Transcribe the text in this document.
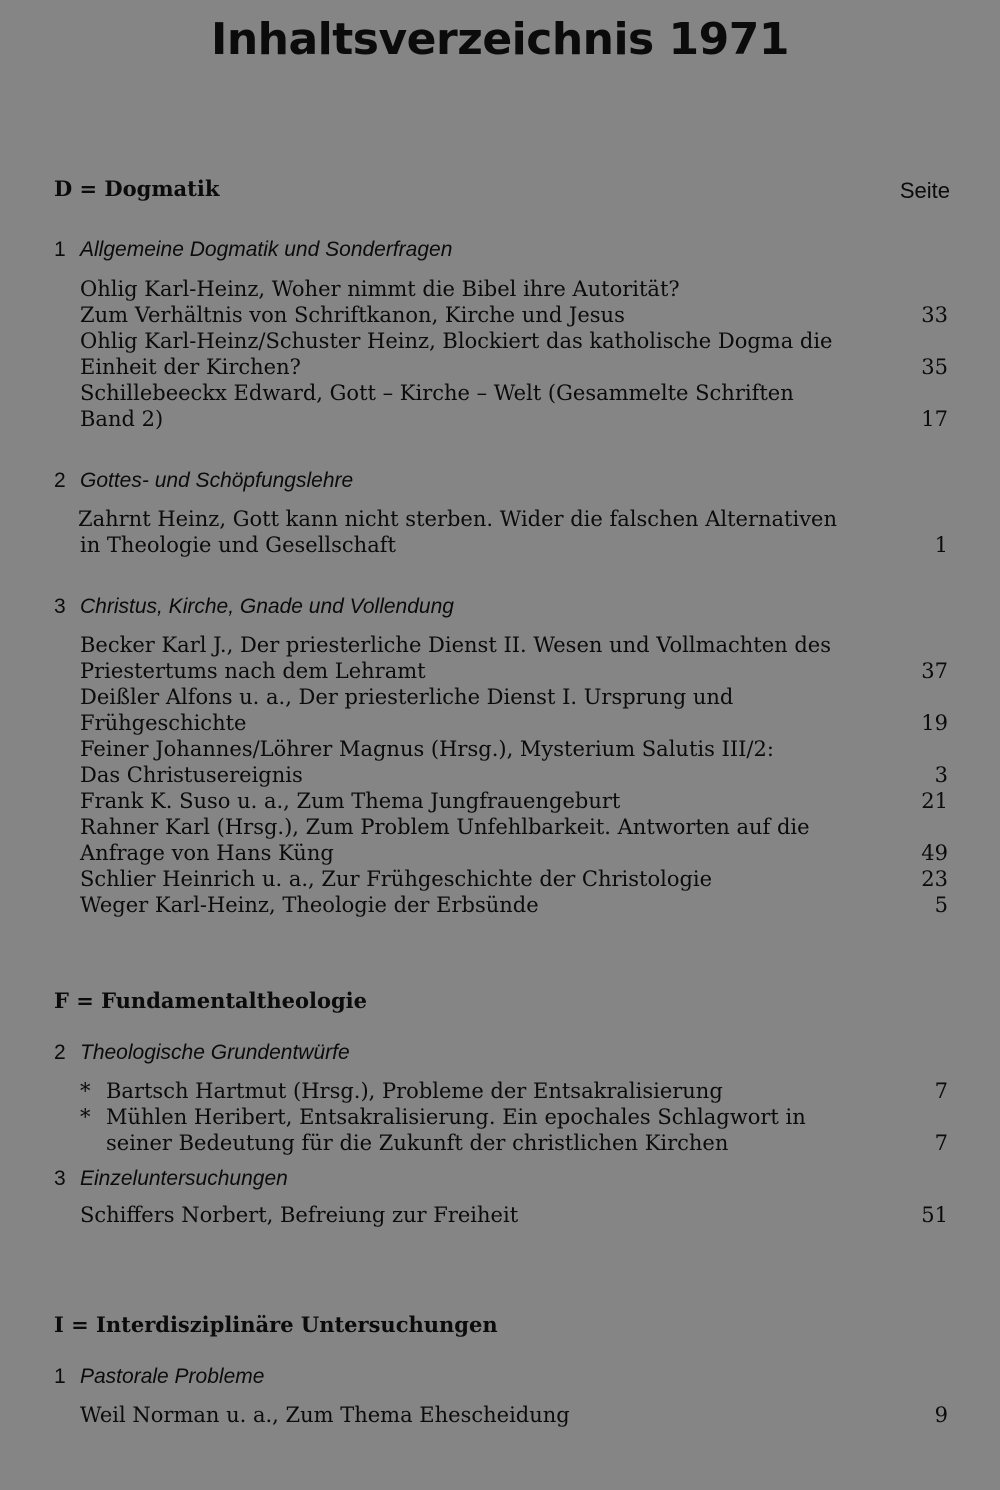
Inhaltsverzeichnis 1971
D = Dogmatik	Seite
1 Allgemeine Dogmatik und Sonderfragen
Ohlig Karl-Heinz, Woher nimmt die Bibel ihre Autorität?
Zum Verhältnis von Schriftkanon, Kirche und Jesus	33
Ohlig Karl-Heinz/Schuster Heinz, Blockiert das katholische Dogma die
Einheit der Kirchen?	35
Schillebeeckx Edward, Gott – Kirche – Welt (Gesammelte Schriften
Band 2)	17
2 Gottes- und Schöpfungslehre
Zahrnt Heinz, Gott kann nicht sterben. Wider die falschen Alternativen
in Theologie und Gesellschaft	1
3 Christus, Kirche, Gnade und Vollendung
Becker Karl J., Der priesterliche Dienst II. Wesen und Vollmachten des
Priestertums nach dem Lehramt	37
Deißler Alfons u. a., Der priesterliche Dienst I. Ursprung und
Frühgeschichte	19
Feiner Johannes/Löhrer Magnus (Hrsg.), Mysterium Salutis III/2:
Das Christusereignis	3
Frank K. Suso u. a., Zum Thema Jungfrauengeburt	21
Rahner Karl (Hrsg.), Zum Problem Unfehlbarkeit. Antworten auf die
Anfrage von Hans Küng	49
Schlier Heinrich u. a., Zur Frühgeschichte der Christologie	23
Weger Karl-Heinz, Theologie der Erbsünde	5
F = Fundamentaltheologie
2 Theologische Grundentwürfe
* Bartsch Hartmut (Hrsg.), Probleme der Entsakralisierung	7
* Mühlen Heribert, Entsakralisierung. Ein epochales Schlagwort in
seiner Bedeutung für die Zukunft der christlichen Kirchen	7
3 Einzeluntersuchungen
Schiffers Norbert, Befreiung zur Freiheit	51
I = Interdisziplinäre Untersuchungen
1 Pastorale Probleme
Weil Norman u. a., Zum Thema Ehescheidung	9
